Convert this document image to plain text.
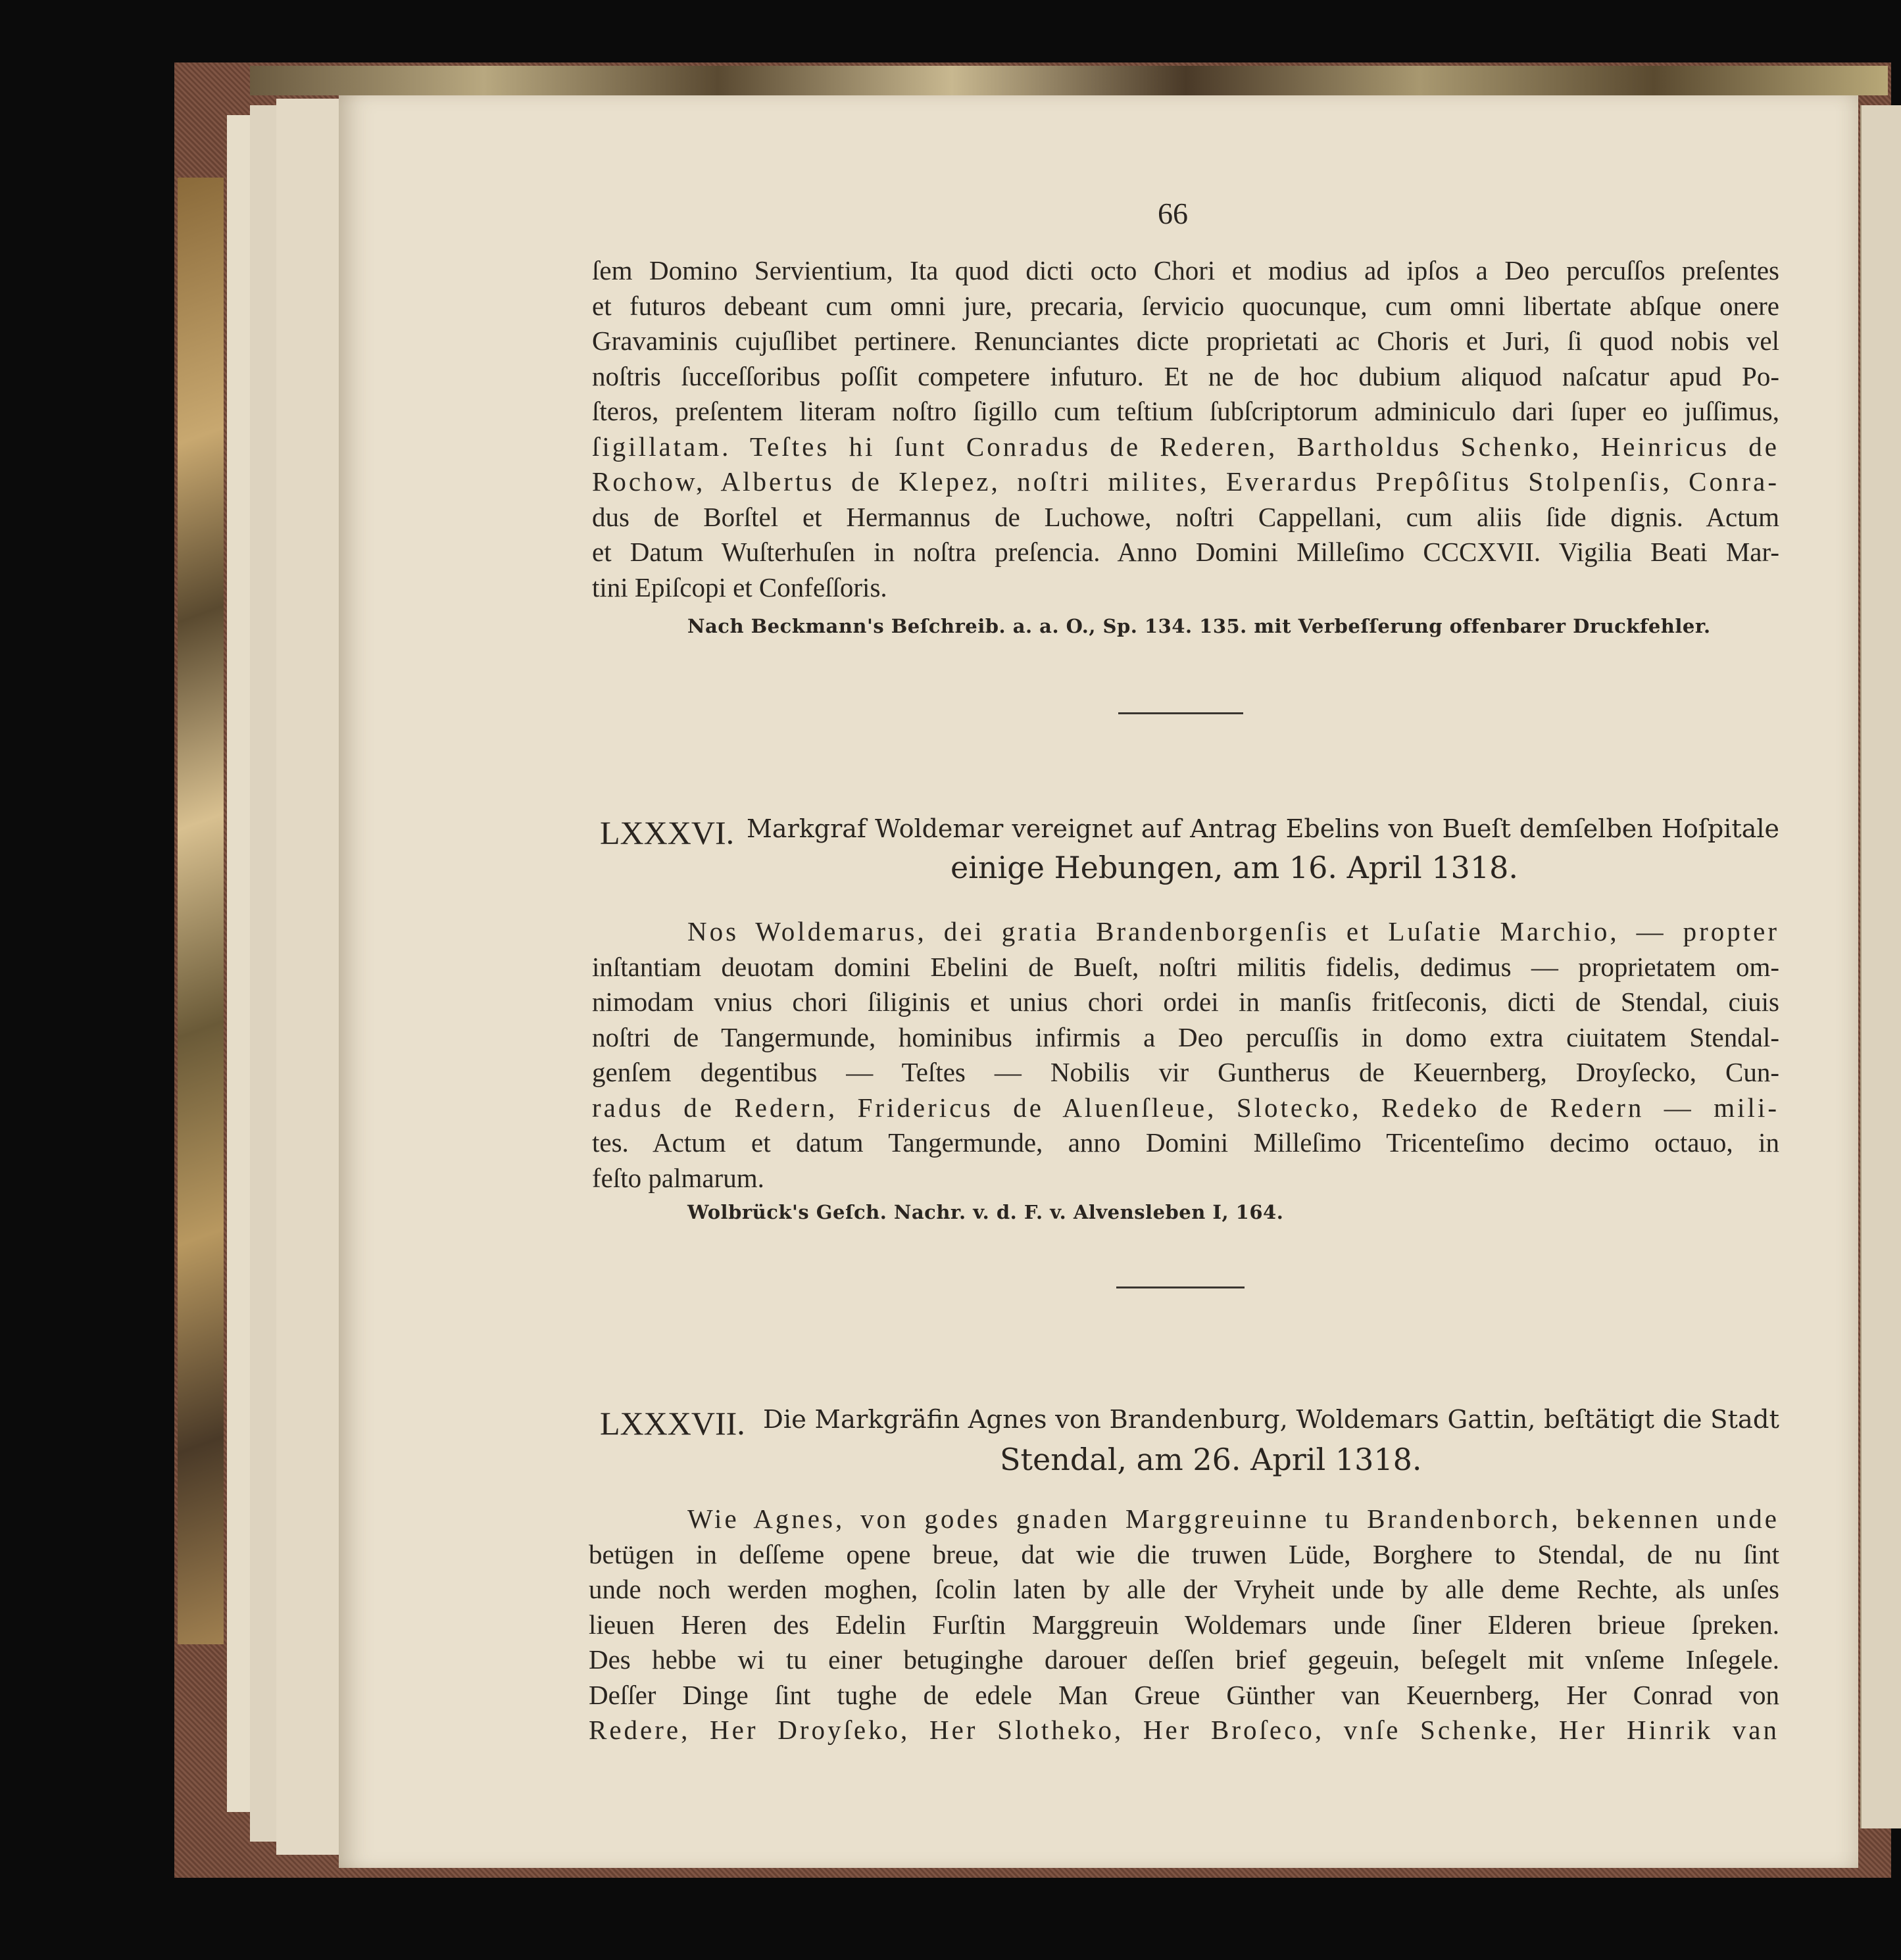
66
ſem Domino Servientium, Ita quod dicti octo Chori et modius ad ipſos a Deo percuſſos preſentes
et futuros debeant cum omni jure, precaria, ſervicio quocunque, cum omni libertate abſque onere
Gravaminis cujuſlibet pertinere. Renunciantes dicte proprietati ac Choris et Juri, ſi quod nobis vel
noſtris ſucceſſoribus poſſit competere infuturo. Et ne de hoc dubium aliquod naſcatur apud Po-
ſteros, preſentem literam noſtro ſigillo cum teſtium ſubſcriptorum adminiculo dari ſuper eo juſſimus,
ſigillatam. Teſtes hi ſunt Conradus de Rederen, Bartholdus Schenko, Heinricus de
Rochow, Albertus de Klepez, noſtri milites, Everardus Prepôſitus Stolpenſis, Conra-
dus de Borſtel et Hermannus de Luchowe, noſtri Cappellani, cum aliis ſide dignis. Actum
et Datum Wuſterhuſen in noſtra preſencia. Anno Domini Milleſimo CCCXVII. Vigilia Beati Mar-
tini Epiſcopi et Confeſſoris.
Nach Beckmann's Beſchreib. a. a. O., Sp. 134. 135. mit Verbeſſerung offenbarer Druckfehler.
LXXXVI. Markgraf Woldemar vereignet auf Antrag Ebelins von Bueſt demſelben Hoſpitale
einige Hebungen, am 16. April 1318.
Nos Woldemarus, dei gratia Brandenborgenſis et Luſatie Marchio, — propter
inſtantiam deuotam domini Ebelini de Bueſt, noſtri militis fidelis, dedimus — proprietatem om-
nimodam vnius chori ſiliginis et unius chori ordei in manſis fritſeconis, dicti de Stendal, ciuis
noſtri de Tangermunde, hominibus infirmis a Deo percuſſis in domo extra ciuitatem Stendal-
genſem degentibus — Teſtes — Nobilis vir Guntherus de Keuernberg, Droyſecko, Cun-
radus de Redern, Fridericus de Aluenſleue, Slotecko, Redeko de Redern — mili-
tes. Actum et datum Tangermunde, anno Domini Milleſimo Tricenteſimo decimo octauo, in
feſto palmarum.
Wolbrück's Geſch. Nachr. v. d. F. v. Alvensleben I, 164.
LXXXVII. Die Markgräfin Agnes von Brandenburg, Woldemars Gattin, beſtätigt die Stadt
Stendal, am 26. April 1318.
Wie Agnes, von godes gnaden Marggreuinne tu Brandenborch, bekennen unde
betügen in deſſeme opene breue, dat wie die truwen Lüde, Borghere to Stendal, de nu ſint
unde noch werden moghen, ſcolin laten by alle der Vryheit unde by alle deme Rechte, als unſes
lieuen Heren des Edelin Furſtin Marggreuin Woldemars unde ſiner Elderen brieue ſpreken.
Des hebbe wi tu einer betuginghe darouer deſſen brief gegeuin, beſegelt mit vnſeme Inſegele.
Deſſer Dinge ſint tughe de edele Man Greue Günther van Keuernberg, Her Conrad von
Redere, Her Droyſeko, Her Slotheko, Her Broſeco, vnſe Schenke, Her Hinrik van
